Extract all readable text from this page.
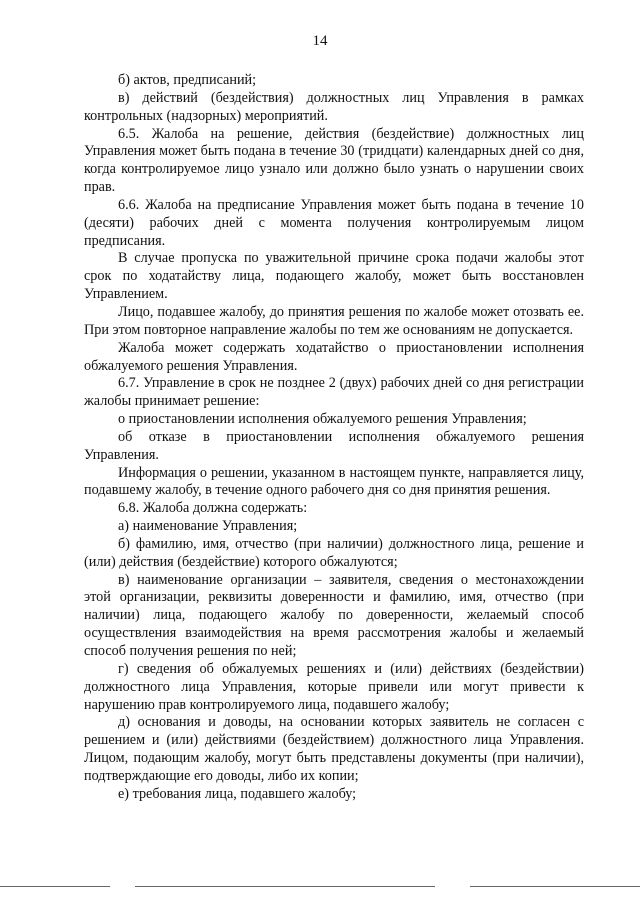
14

б) актов, предписаний;

в) действий (бездействия) должностных лиц Управления в рамках контрольных (надзорных) мероприятий.

6.5. Жалоба на решение, действия (бездействие) должностных лиц Управления может быть подана в течение 30 (тридцати) календарных дней со дня, когда контролируемое лицо узнало или должно было узнать о нарушении своих прав.

6.6. Жалоба на предписание Управления может быть подана в течение 10 (десяти) рабочих дней с момента получения контролируемым лицом предписания.

В случае пропуска по уважительной причине срока подачи жалобы этот срок по ходатайству лица, подающего жалобу, может быть восстановлен Управлением.

Лицо, подавшее жалобу, до принятия решения по жалобе может отозвать ее. При этом повторное направление жалобы по тем же основаниям не допускается.

Жалоба может содержать ходатайство о приостановлении исполнения обжалуемого решения Управления.

6.7. Управление в срок не позднее 2 (двух) рабочих дней со дня регистрации жалобы принимает решение:

о приостановлении исполнения обжалуемого решения Управления;

об отказе в приостановлении исполнения обжалуемого решения Управления.

Информация о решении, указанном в настоящем пункте, направляется лицу, подавшему жалобу, в течение одного рабочего дня со дня принятия решения.

6.8. Жалоба должна содержать:

а) наименование Управления;

б) фамилию, имя, отчество (при наличии) должностного лица, решение и (или) действия (бездействие) которого обжалуются;

в) наименование организации – заявителя, сведения о местонахождении этой организации, реквизиты доверенности и фамилию, имя, отчество (при наличии) лица, подающего жалобу по доверенности, желаемый способ осуществления взаимодействия на время рассмотрения жалобы и желаемый способ получения решения по ней;

г) сведения об обжалуемых решениях и (или) действиях (бездействии) должностного лица Управления, которые привели или могут привести к нарушению прав контролируемого лица, подавшего жалобу;

д) основания и доводы, на основании которых заявитель не согласен с решением и (или) действиями (бездействием) должностного лица Управления. Лицом, подающим жалобу, могут быть представлены документы (при наличии), подтверждающие его доводы, либо их копии;

е) требования лица, подавшего жалобу;
